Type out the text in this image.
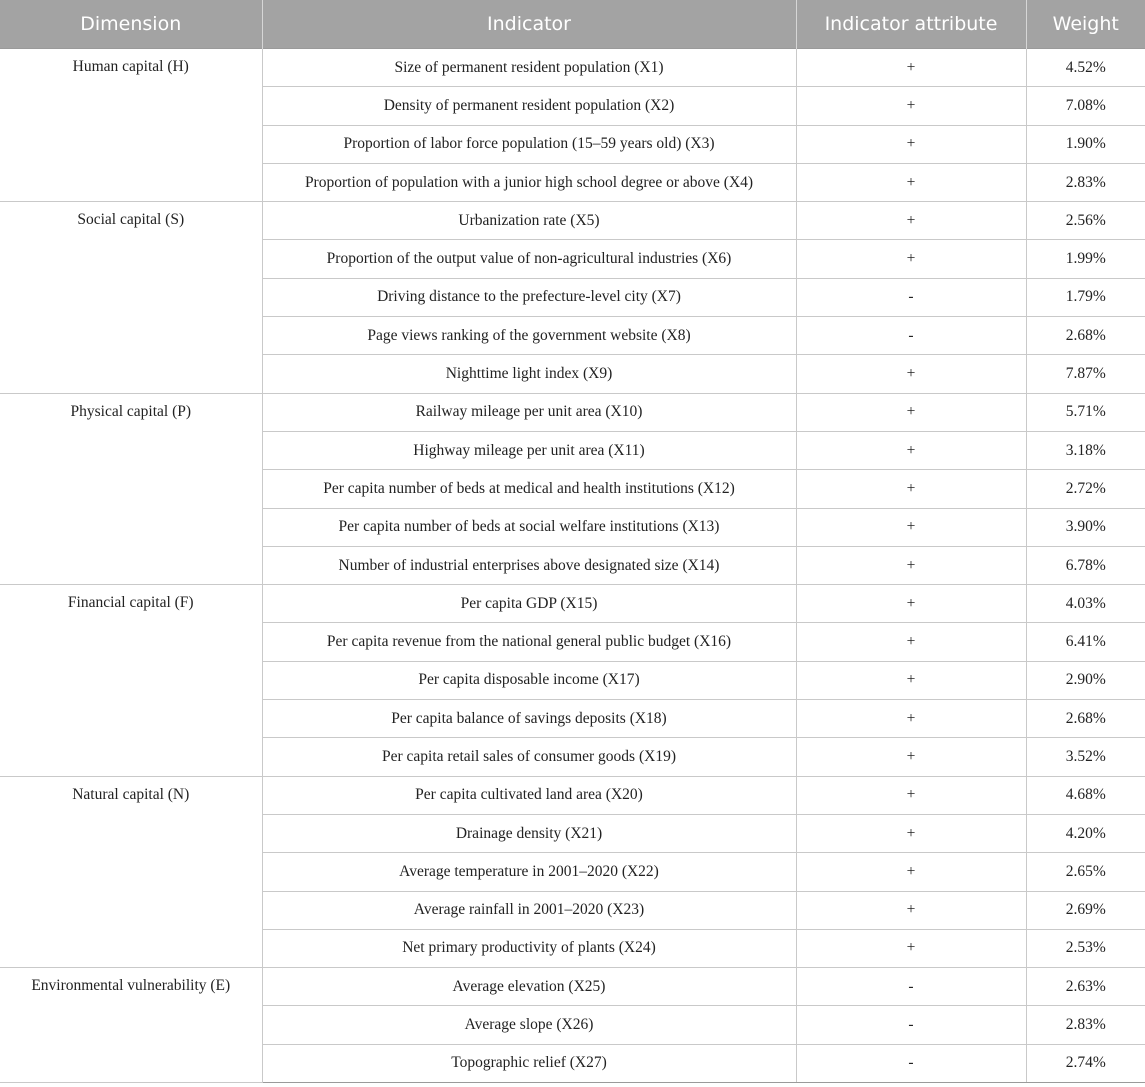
Dimension	Indicator	Indicator attribute	Weight
Human capital (H)	Size of permanent resident population (X1)	+	4.52%
	Density of permanent resident population (X2)	+	7.08%
	Proportion of labor force population (15–59 years old) (X3)	+	1.90%
	Proportion of population with a junior high school degree or above (X4)	+	2.83%
Social capital (S)	Urbanization rate (X5)	+	2.56%
	Proportion of the output value of non-agricultural industries (X6)	+	1.99%
	Driving distance to the prefecture-level city (X7)	-	1.79%
	Page views ranking of the government website (X8)	-	2.68%
	Nighttime light index (X9)	+	7.87%
Physical capital (P)	Railway mileage per unit area (X10)	+	5.71%
	Highway mileage per unit area (X11)	+	3.18%
	Per capita number of beds at medical and health institutions (X12)	+	2.72%
	Per capita number of beds at social welfare institutions (X13)	+	3.90%
	Number of industrial enterprises above designated size (X14)	+	6.78%
Financial capital (F)	Per capita GDP (X15)	+	4.03%
	Per capita revenue from the national general public budget (X16)	+	6.41%
	Per capita disposable income (X17)	+	2.90%
	Per capita balance of savings deposits (X18)	+	2.68%
	Per capita retail sales of consumer goods (X19)	+	3.52%
Natural capital (N)	Per capita cultivated land area (X20)	+	4.68%
	Drainage density (X21)	+	4.20%
	Average temperature in 2001–2020 (X22)	+	2.65%
	Average rainfall in 2001–2020 (X23)	+	2.69%
	Net primary productivity of plants (X24)	+	2.53%
Environmental vulnerability (E)	Average elevation (X25)	-	2.63%
	Average slope (X26)	-	2.83%
	Topographic relief (X27)	-	2.74%
